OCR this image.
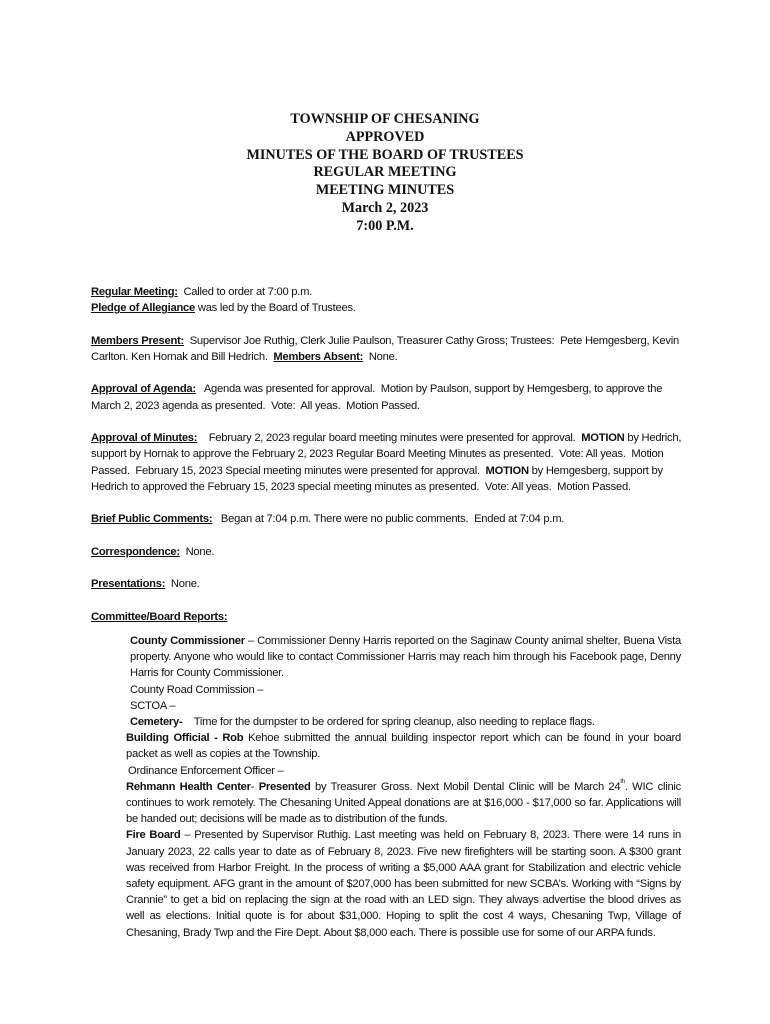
TOWNSHIP OF CHESANING
APPROVED
MINUTES OF THE BOARD OF TRUSTEES
REGULAR MEETING
MEETING MINUTES
March 2, 2023
7:00 P.M.

Regular Meeting:  Called to order at 7:00 p.m.

Pledge of Allegiance was led by the Board of Trustees.

Members Present:  Supervisor Joe Ruthig, Clerk Julie Paulson, Treasurer Cathy Gross; Trustees:  Pete Hemgesberg, Kevin Carlton. Ken Hornak and Bill Hedrich.  Members Absent:  None.

Approval of Agenda:   Agenda was presented for approval.  Motion by Paulson, support by Hemgesberg, to approve the March 2, 2023 agenda as presented.  Vote:  All yeas.  Motion Passed.

Approval of Minutes:    February 2, 2023 regular board meeting minutes were presented for approval.  MOTION by Hedrich, support by Hornak to approve the February 2, 2023 Regular Board Meeting Minutes as presented.  Vote: All yeas.  Motion Passed.  February 15, 2023 Special meeting minutes were presented for approval.  MOTION by Hemgesberg, support by Hedrich to approved the February 15, 2023 special meeting minutes as presented.  Vote: All yeas.  Motion Passed.

Brief Public Comments:   Began at 7:04 p.m. There were no public comments.  Ended at 7:04 p.m.

Correspondence:  None.

Presentations:  None.

Committee/Board Reports:

County Commissioner – Commissioner Denny Harris reported on the Saginaw County animal shelter, Buena Vista property. Anyone who would like to contact Commissioner Harris may reach him through his Facebook page, Denny Harris for County Commissioner.

County Road Commission –

SCTOA –

Cemetery-    Time for the dumpster to be ordered for spring cleanup, also needing to replace flags.

Building Official - Rob Kehoe submitted the annual building inspector report which can be found in your board packet as well as copies at the Township.

Ordinance Enforcement Officer –

Rehmann Health Center- Presented by Treasurer Gross. Next Mobil Dental Clinic will be March 24th. WIC clinic continues to work remotely. The Chesaning United Appeal donations are at $16,000 - $17,000 so far. Applications will be handed out; decisions will be made as to distribution of the funds.

Fire Board – Presented by Supervisor Ruthig. Last meeting was held on February 8, 2023. There were 14 runs in January 2023, 22 calls year to date as of February 8, 2023. Five new firefighters will be starting soon. A $300 grant was received from Harbor Freight. In the process of writing a $5,000 AAA grant for Stabilization and electric vehicle safety equipment. AFG grant in the amount of $207,000 has been submitted for new SCBA’s. Working with “Signs by Crannie” to get a bid on replacing the sign at the road with an LED sign. They always advertise the blood drives as well as elections. Initial quote is for about $31,000. Hoping to split the cost 4 ways, Chesaning Twp, Village of Chesaning, Brady Twp and the Fire Dept. About $8,000 each. There is possible use for some of our ARPA funds.
